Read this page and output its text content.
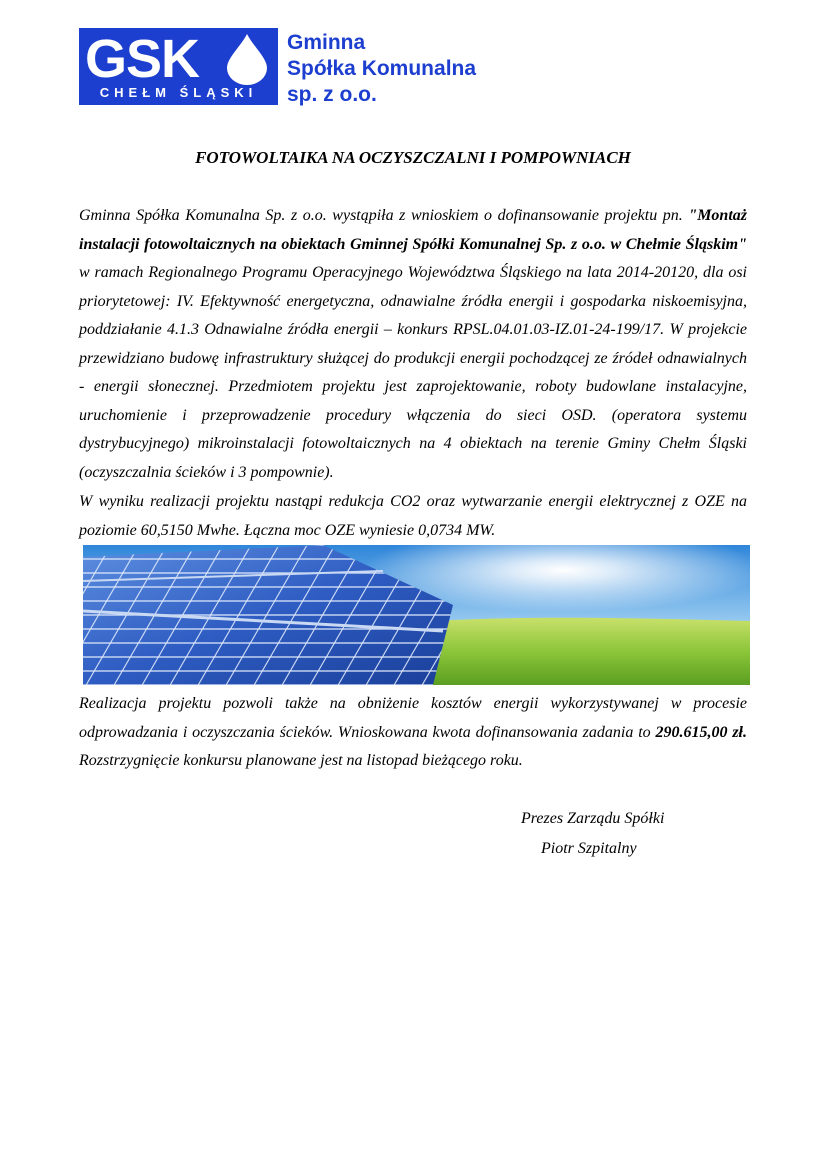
GSK
CHEŁM ŚLĄSKI
Gminna
Spółka Komunalna
sp. z o.o.
FOTOWOLTAIKA NA OCZYSZCZALNI I POMPOWNIACH
Gminna Spółka Komunalna Sp. z o.o. wystąpiła z wnioskiem o dofinansowanie projektu pn. "Montaż instalacji fotowoltaicznych na obiektach Gminnej Spółki Komunalnej Sp. z o.o. w Chełmie Śląskim" w ramach Regionalnego Programu Operacyjnego Województwa Śląskiego na lata 2014-20120, dla osi priorytetowej: IV. Efektywność energetyczna, odnawialne źródła energii i gospodarka niskoemisyjna, poddziałanie 4.1.3 Odnawialne źródła energii – konkurs RPSL.04.01.03-IZ.01-24-199/17. W projekcie przewidziano budowę infrastruktury służącej do produkcji energii pochodzącej ze źródeł odnawialnych - energii słonecznej. Przedmiotem projektu jest zaprojektowanie, roboty budowlane instalacyjne, uruchomienie i przeprowadzenie procedury włączenia do sieci OSD. (operatora systemu dystrybucyjnego) mikroinstalacji fotowoltaicznych na 4 obiektach na terenie Gminy Chełm Śląski (oczyszczalnia ścieków i 3 pompownie).
W wyniku realizacji projektu nastąpi redukcja CO2 oraz wytwarzanie energii elektrycznej z OZE na poziomie 60,5150 Mwhe. Łączna moc OZE wyniesie 0,0734 MW.
Realizacja projektu pozwoli także na obniżenie kosztów energii wykorzystywanej w procesie odprowadzania i oczyszczania ścieków. Wnioskowana kwota dofinansowania zadania to 290.615,00 zł. Rozstrzygnięcie konkursu planowane jest na listopad bieżącego roku.
Prezes Zarządu Spółki
Piotr Szpitalny
